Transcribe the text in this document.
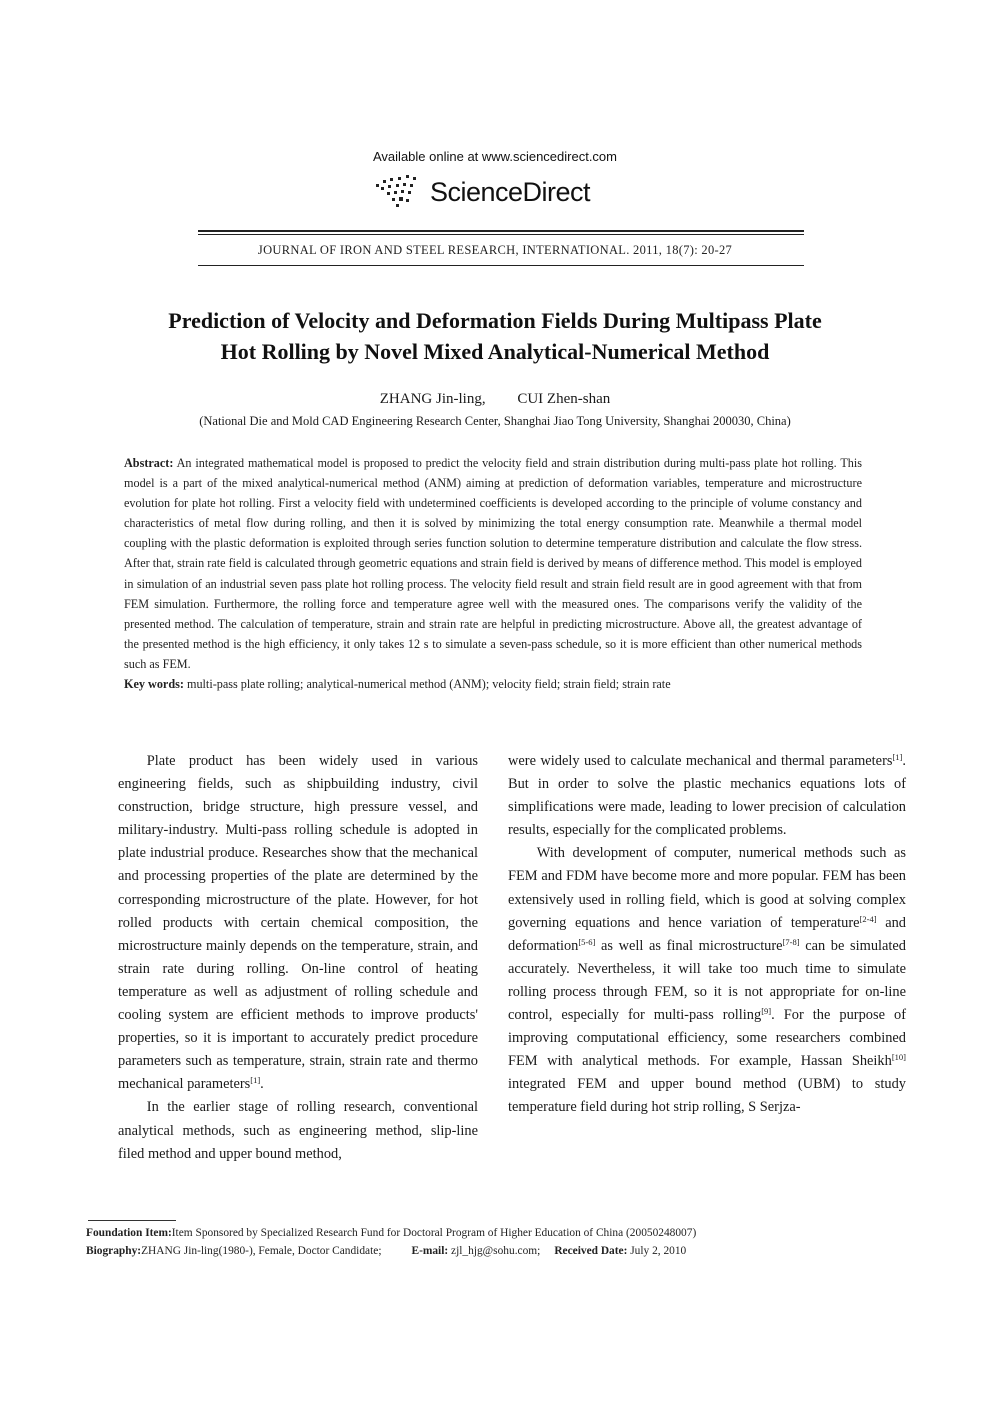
Available online at www.sciencedirect.com
ScienceDirect
JOURNAL OF IRON AND STEEL RESEARCH, INTERNATIONAL. 2011, 18(7): 20-27
Prediction of Velocity and Deformation Fields During Multipass Plate
Hot Rolling by Novel Mixed Analytical-Numerical Method
ZHANG Jin-ling, CUI Zhen-shan
(National Die and Mold CAD Engineering Research Center, Shanghai Jiao Tong University, Shanghai 200030, China)
Abstract: An integrated mathematical model is proposed to predict the velocity field and strain distribution during multi-pass plate hot rolling. This model is a part of the mixed analytical-numerical method (ANM) aiming at prediction of deformation variables, temperature and microstructure evolution for plate hot rolling. First a velocity field with undetermined coefficients is developed according to the principle of volume constancy and characteristics of metal flow during rolling, and then it is solved by minimizing the total energy consumption rate. Meanwhile a thermal model coupling with the plastic deformation is exploited through series function solution to determine temperature distribution and calculate the flow stress. After that, strain rate field is calculated through geometric equations and strain field is derived by means of difference method. This model is employed in simulation of an industrial seven pass plate hot rolling process. The velocity field result and strain field result are in good agreement with that from FEM simulation. Furthermore, the rolling force and temperature agree well with the measured ones. The comparisons verify the validity of the presented method. The calculation of temperature, strain and strain rate are helpful in predicting microstructure. Above all, the greatest advantage of the presented method is the high efficiency, it only takes 12 s to simulate a seven-pass schedule, so it is more efficient than other numerical methods such as FEM.
Key words: multi-pass plate rolling; analytical-numerical method (ANM); velocity field; strain field; strain rate

Plate product has been widely used in various engineering fields, such as shipbuilding industry, civil construction, bridge structure, high pressure vessel, and military-industry. Multi-pass rolling schedule is adopted in plate industrial produce. Researches show that the mechanical and processing properties of the plate are determined by the corresponding microstructure of the plate. However, for hot rolled products with certain chemical composition, the microstructure mainly depends on the temperature, strain, and strain rate during rolling. On-line control of heating temperature as well as adjustment of rolling schedule and cooling system are efficient methods to improve products' properties, so it is important to accurately predict procedure parameters such as temperature, strain, strain rate and thermo mechanical parameters[1].

In the earlier stage of rolling research, conventional analytical methods, such as engineering method, slip-line filed method and upper bound method,

were widely used to calculate mechanical and thermal parameters[1]. But in order to solve the plastic mechanics equations lots of simplifications were made, leading to lower precision of calculation results, especially for the complicated problems.

With development of computer, numerical methods such as FEM and FDM have become more and more popular. FEM has been extensively used in rolling field, which is good at solving complex governing equations and hence variation of temperature[2-4] and deformation[5-6] as well as final microstructure[7-8] can be simulated accurately. Nevertheless, it will take too much time to simulate rolling process through FEM, so it is not appropriate for on-line control, especially for multi-pass rolling[9]. For the purpose of improving computational efficiency, some researchers combined FEM with analytical methods. For example, Hassan Sheikh[10] integrated FEM and upper bound method (UBM) to study temperature field during hot strip rolling, S Serjza-

Foundation Item:Item Sponsored by Specialized Research Fund for Doctoral Program of Higher Education of China (20050248007)
Biography:ZHANG Jin-ling(1980-), Female, Doctor Candidate;	E-mail: zjl_hjg@sohu.com; Received Date: July 2, 2010
